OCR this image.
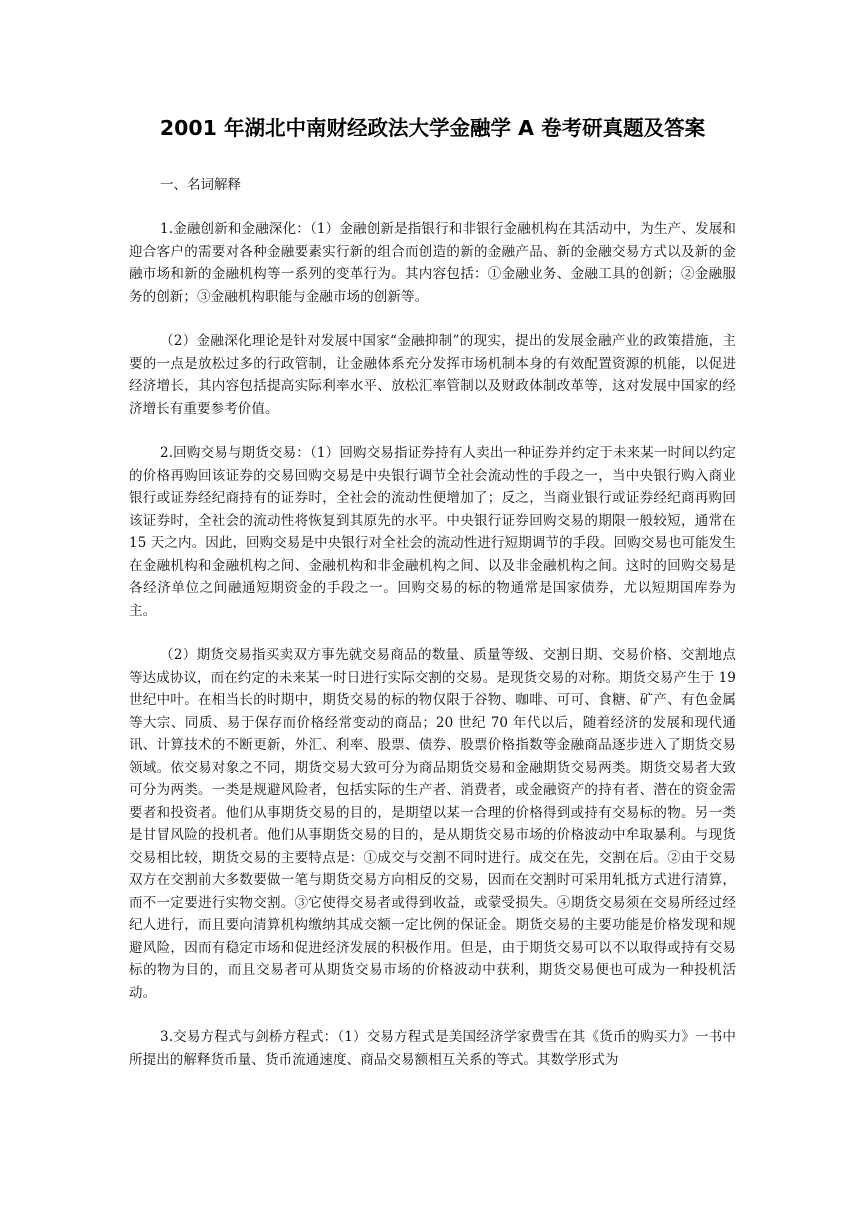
2001 年湖北中南财经政法大学金融学 A 卷考研真题及答案
一、名词解释

1.金融创新和金融深化：（1）金融创新是指银行和非银行金融机构在其活动中，为生产、发展和迎合客户的需要对各种金融要素实行新的组合而创造的新的金融产品、新的金融交易方式以及新的金融市场和新的金融机构等一系列的变革行为。其内容包括：①金融业务、金融工具的创新；②金融服务的创新；③金融机构职能与金融市场的创新等。

（2）金融深化理论是针对发展中国家“金融抑制”的现实，提出的发展金融产业的政策措施，主要的一点是放松过多的行政管制，让金融体系充分发挥市场机制本身的有效配置资源的机能，以促进经济增长，其内容包括提高实际利率水平、放松汇率管制以及财政体制改革等，这对发展中国家的经济增长有重要参考价值。

2.回购交易与期货交易：（1）回购交易指证券持有人卖出一种证券并约定于未来某一时间以约定的价格再购回该证券的交易回购交易是中央银行调节全社会流动性的手段之一，当中央银行购入商业银行或证券经纪商持有的证券时，全社会的流动性便增加了；反之，当商业银行或证券经纪商再购回该证券时，全社会的流动性将恢复到其原先的水平。中央银行证券回购交易的期限一般较短，通常在 15 天之内。因此，回购交易是中央银行对全社会的流动性进行短期调节的手段。回购交易也可能发生在金融机构和金融机构之间、金融机构和非金融机构之间、以及非金融机构之间。这时的回购交易是各经济单位之间融通短期资金的手段之一。回购交易的标的物通常是国家债券，尤以短期国库券为主。

（2）期货交易指买卖双方事先就交易商品的数量、质量等级、交割日期、交易价格、交割地点等达成协议，而在约定的未来某一时日进行实际交割的交易。是现货交易的对称。期货交易产生于 19 世纪中叶。在相当长的时期中，期货交易的标的物仅限于谷物、咖啡、可可、食糖、矿产、有色金属等大宗、同质、易于保存而价格经常变动的商品；20 世纪 70 年代以后，随着经济的发展和现代通讯、计算技术的不断更新，外汇、利率、股票、债券、股票价格指数等金融商品逐步进入了期货交易领域。依交易对象之不同，期货交易大致可分为商品期货交易和金融期货交易两类。期货交易者大致可分为两类。一类是规避风险者，包括实际的生产者、消费者，或金融资产的持有者、潜在的资金需要者和投资者。他们从事期货交易的目的，是期望以某一合理的价格得到或持有交易标的物。另一类是甘冒风险的投机者。他们从事期货交易的目的，是从期货交易市场的价格波动中牟取暴利。与现货交易相比较，期货交易的主要特点是：①成交与交割不同时进行。成交在先，交割在后。②由于交易双方在交割前大多数要做一笔与期货交易方向相反的交易，因而在交割时可采用轧抵方式进行清算，而不一定要进行实物交割。③它使得交易者或得到收益，或蒙受损失。④期货交易须在交易所经过经纪人进行，而且要向清算机构缴纳其成交额一定比例的保证金。期货交易的主要功能是价格发现和规避风险，因而有稳定市场和促进经济发展的积极作用。但是，由于期货交易可以不以取得或持有交易标的物为目的，而且交易者可从期货交易市场的价格波动中获利，期货交易便也可成为一种投机活动。

3.交易方程式与剑桥方程式：（1）交易方程式是美国经济学家费雪在其《货币的购买力》一书中所提出的解释货币量、货币流通速度、商品交易额相互关系的等式。其数学形式为
